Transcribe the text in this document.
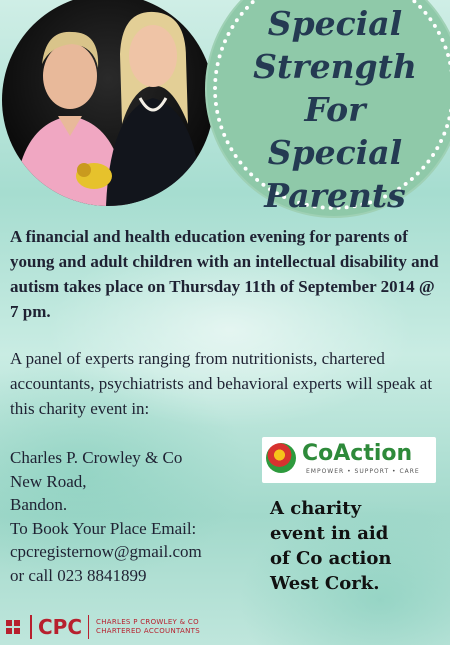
Special
Strength For
Special
Parents

A financial and health education evening for parents of young and adult children with an intellectual disability and autism takes place on Thursday 11th of September 2014 @ 7 pm.

A panel of experts ranging from nutritionists, chartered accountants, psychiatrists and behavioral experts will speak at this charity event in:

Charles P. Crowley & Co
New Road,
Bandon.
To Book Your Place Email:
cpcregisternow@gmail.com
or call 023 8841899

CoAction

EMPOWER • SUPPORT • CARE

A charity
event in aid
of Co action
West Cork.

CPC CHARLES P CROWLEY & CO
CHARTERED ACCOUNTANTS
